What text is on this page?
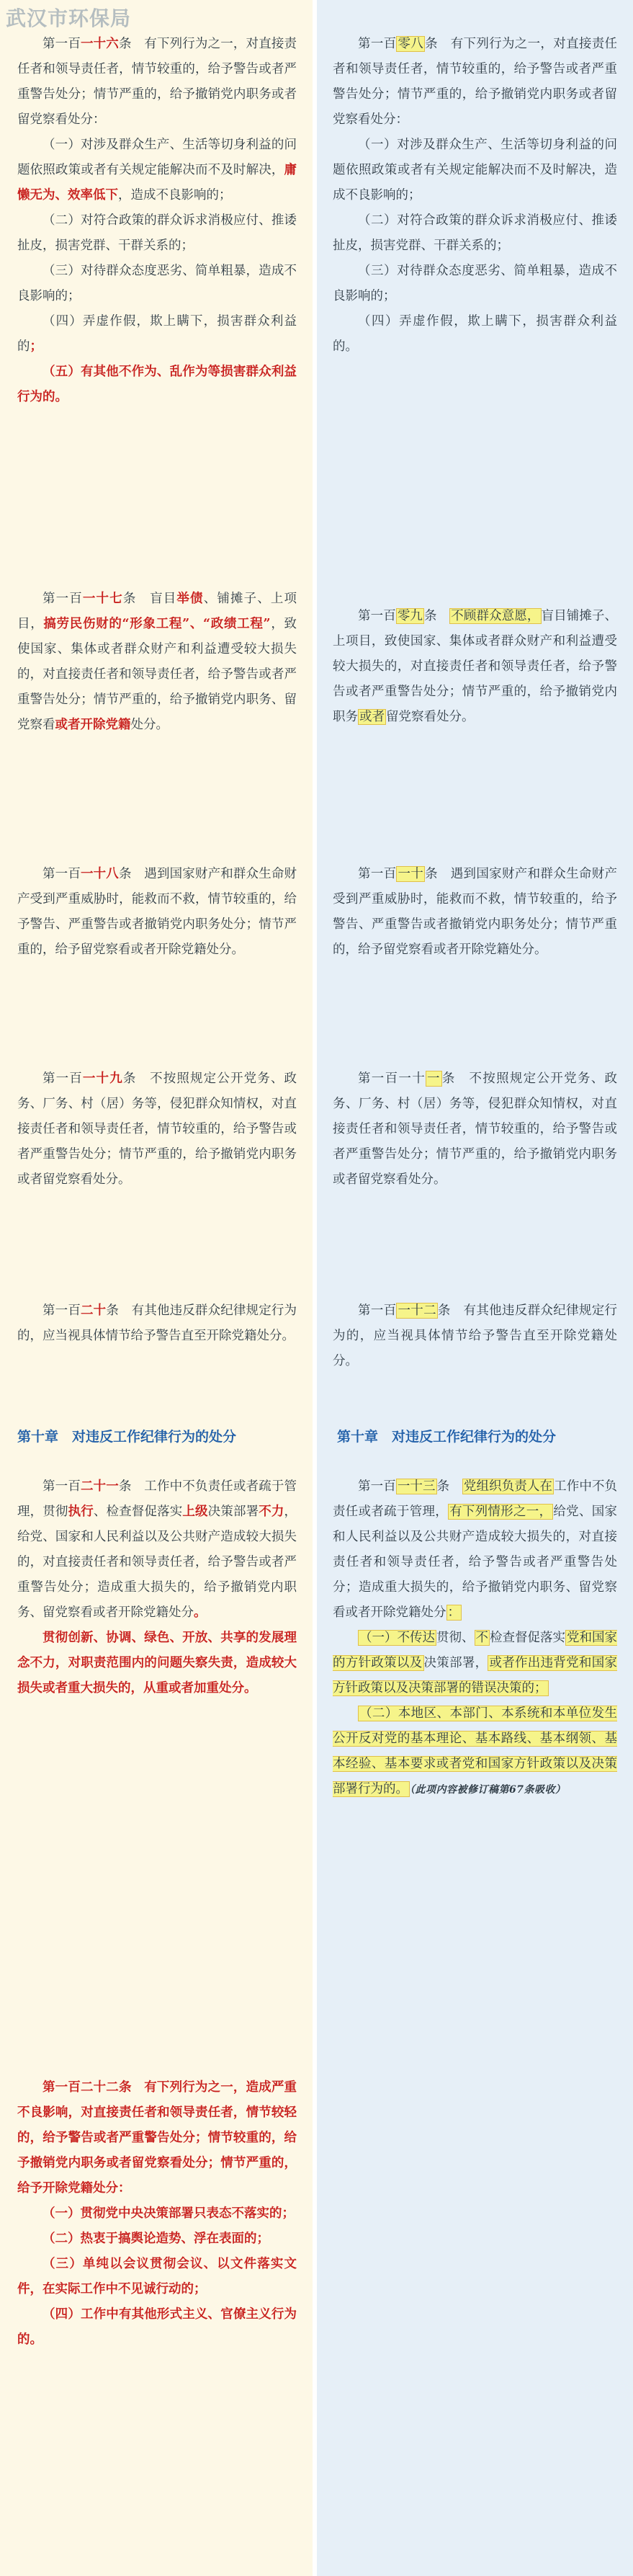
武汉市环保局

第一百一十六条　有下列行为之一，对直接责任者和领导责任者，情节较重的，给予警告或者严重警告处分；情节严重的，给予撤销党内职务或者留党察看处分：

（一）对涉及群众生产、生活等切身利益的问题依照政策或者有关规定能解决而不及时解决，庸懒无为、效率低下，造成不良影响的；

（二）对符合政策的群众诉求消极应付、推诿扯皮，损害党群、干群关系的；

（三）对待群众态度恶劣、简单粗暴，造成不良影响的；

（四）弄虚作假，欺上瞒下，损害群众利益的；

（五）有其他不作为、乱作为等损害群众利益行为的。

第一百一十七条　盲目举债、铺摊子、上项目，搞劳民伤财的“形象工程”、“政绩工程”，致使国家、集体或者群众财产和利益遭受较大损失的，对直接责任者和领导责任者，给予警告或者严重警告处分；情节严重的，给予撤销党内职务、留党察看或者开除党籍处分。

第一百一十八条　遇到国家财产和群众生命财产受到严重威胁时，能救而不救，情节较重的，给予警告、严重警告或者撤销党内职务处分；情节严重的，给予留党察看或者开除党籍处分。

第一百一十九条　不按照规定公开党务、政务、厂务、村（居）务等，侵犯群众知情权，对直接责任者和领导责任者，情节较重的，给予警告或者严重警告处分；情节严重的，给予撤销党内职务或者留党察看处分。

第一百二十条　有其他违反群众纪律规定行为的，应当视具体情节给予警告直至开除党籍处分。

第十章　对违反工作纪律行为的处分

第一百二十一条　工作中不负责任或者疏于管理，贯彻执行、检查督促落实上级决策部署不力，给党、国家和人民利益以及公共财产造成较大损失的，对直接责任者和领导责任者，给予警告或者严重警告处分；造成重大损失的，给予撤销党内职务、留党察看或者开除党籍处分。

贯彻创新、协调、绿色、开放、共享的发展理念不力，对职责范围内的问题失察失责，造成较大损失或者重大损失的，从重或者加重处分。

第一百二十二条　有下列行为之一，造成严重不良影响，对直接责任者和领导责任者，情节较轻的，给予警告或者严重警告处分；情节较重的，给予撤销党内职务或者留党察看处分；情节严重的，给予开除党籍处分：

（一）贯彻党中央决策部署只表态不落实的；

（二）热衷于搞舆论造势、浮在表面的；

（三）单纯以会议贯彻会议、以文件落实文件，在实际工作中不见诚行动的；

（四）工作中有其他形式主义、官僚主义行为的。

第一百 零八 条　有下列行为之一，对直接责任者和领导责任者，情节较重的，给予警告或者严重警告处分；情节严重的，给予撤销党内职务或者留党察看处分：

（一）对涉及群众生产、生活等切身利益的问题依照政策或者有关规定能解决而不及时解决，造成不良影响的；

（二）对符合政策的群众诉求消极应付、推诿扯皮，损害党群、干群关系的；

（三）对待群众态度恶劣、简单粗暴，造成不良影响的；

（四）弄虚作假，欺上瞒下，损害群众利益的。

第一百 零九 条　不顾群众意愿， 盲目铺摊子、上项目，致使国家、集体或者群众财产和利益遭受较大损失的，对直接责任者和领导责任者，给予警告或者严重警告处分；情节严重的，给予撤销党内职务 或者 留党察看处分。

第一百 一十 条　遇到国家财产和群众生命财产受到严重威胁时，能救而不救，情节较重的，给予警告、严重警告或者撤销党内职务处分；情节严重的，给予留党察看或者开除党籍处分。

第一百一十 一 条　不按照规定公开党务、政务、厂务、村（居）务等，侵犯群众知情权，对直接责任者和领导责任者，情节较重的，给予警告或者严重警告处分；情节严重的，给予撤销党内职务或者留党察看处分。

第一百 一十二 条　有其他违反群众纪律规定行为的，应当视具体情节给予警告直至开除党籍处分。

第十章　对违反工作纪律行为的处分

第一百 一十三 条　党组织负责人在 工作中不负责任或者疏于管理， 有下列情形之一， 给党、国家和人民利益以及公共财产造成较大损失的，对直接责任者和领导责任者，给予警告或者严重警告处分；造成重大损失的，给予撤销党内职务、留党察看或者开除党籍处分 ：

（一）不传达 贯彻、 不 检查督促落实 党和国家的方针政策以及 决策部署， 或者作出违背党和国家方针政策以及决策部署的错误决策的；

（二）本地区、本部门、本系统和本单位发生公开反对党的基本理论、基本路线、基本纲领、基本经验、基本要求或者党和国家方针政策以及决策部署行为的。 （此项内容被修订稿第67条吸收）
